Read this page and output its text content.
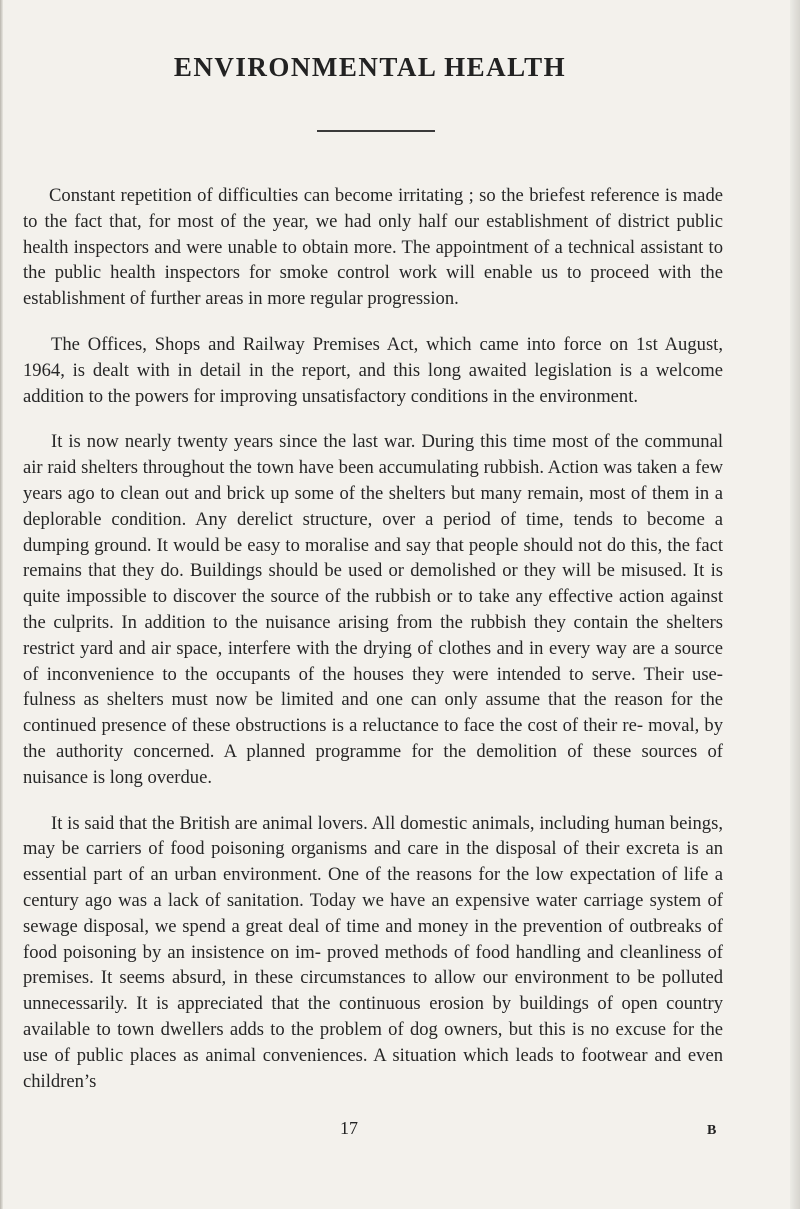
ENVIRONMENTAL HEALTH

Constant repetition of difficulties can become irritating ; so the briefest reference is made to the fact that, for most of the year, we had only half our establishment of district public health inspectors and were unable to obtain more. The appointment of a technical assistant to the public health inspectors for smoke control work will enable us to proceed with the establishment of further areas in more regular progression.

The Offices, Shops and Railway Premises Act, which came into force on 1st August, 1964, is dealt with in detail in the report, and this long awaited legislation is a welcome addition to the powers for improving unsatisfactory conditions in the environment.

It is now nearly twenty years since the last war. During this time most of the communal air raid shelters throughout the town have been accumulating rubbish. Action was taken a few years ago to clean out and brick up some of the shelters but many remain, most of them in a deplorable condition. Any derelict structure, over a period of time, tends to become a dumping ground. It would be easy to moralise and say that people should not do this, the fact remains that they do. Buildings should be used or demolished or they will be misused. It is quite impossible to discover the source of the rubbish or to take any effective action against the culprits. In addition to the nuisance arising from the rubbish they contain the shelters restrict yard and air space, interfere with the drying of clothes and in every way are a source of inconvenience to the occupants of the houses they were intended to serve. Their use- fulness as shelters must now be limited and one can only assume that the reason for the continued presence of these obstructions is a reluctance to face the cost of their re- moval, by the authority concerned. A planned programme for the demolition of these sources of nuisance is long overdue.

It is said that the British are animal lovers. All domestic animals, including human beings, may be carriers of food poisoning organisms and care in the disposal of their excreta is an essential part of an urban environment. One of the reasons for the low expectation of life a century ago was a lack of sanitation. Today we have an expensive water carriage system of sewage disposal, we spend a great deal of time and money in the prevention of outbreaks of food poisoning by an insistence on im- proved methods of food handling and cleanliness of premises. It seems absurd, in these circumstances to allow our environment to be polluted unnecessarily. It is appreciated that the continuous erosion by buildings of open country available to town dwellers adds to the problem of dog owners, but this is no excuse for the use of public places as animal conveniences. A situation which leads to footwear and even children’s

17	B
